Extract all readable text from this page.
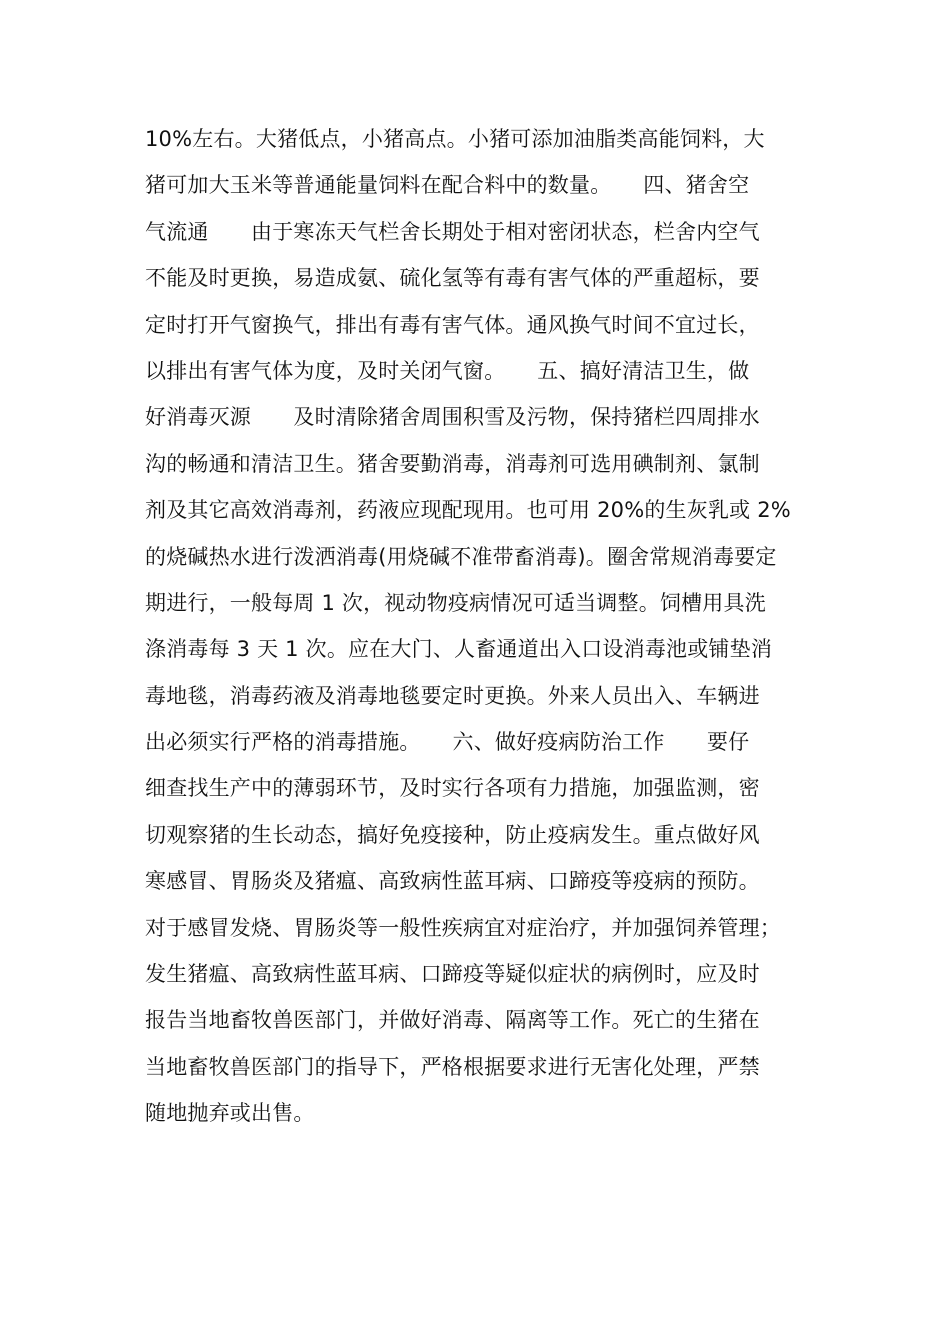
10%左右。大猪低点，小猪高点。小猪可添加油脂类高能饲料，大
猪可加大玉米等普通能量饲料在配合料中的数量。　　四、猪舍空
气流通　　由于寒冻天气栏舍长期处于相对密闭状态，栏舍内空气
不能及时更换，易造成氨、硫化氢等有毒有害气体的严重超标，要
定时打开气窗换气，排出有毒有害气体。通风换气时间不宜过长，
以排出有害气体为度，及时关闭气窗。　　五、搞好清洁卫生，做
好消毒灭源　　及时清除猪舍周围积雪及污物，保持猪栏四周排水
沟的畅通和清洁卫生。猪舍要勤消毒，消毒剂可选用碘制剂、氯制
剂及其它高效消毒剂，药液应现配现用。也可用 20%的生灰乳或 2%
的烧碱热水进行泼洒消毒(用烧碱不准带畜消毒)。圈舍常规消毒要定
期进行，一般每周 1 次，视动物疫病情况可适当调整。饲槽用具洗
涤消毒每 3 天 1 次。应在大门、人畜通道出入口设消毒池或铺垫消
毒地毯，消毒药液及消毒地毯要定时更换。外来人员出入、车辆进
出必须实行严格的消毒措施。　　六、做好疫病防治工作　　要仔
细查找生产中的薄弱环节，及时实行各项有力措施，加强监测，密
切观察猪的生长动态，搞好免疫接种，防止疫病发生。重点做好风
寒感冒、胃肠炎及猪瘟、高致病性蓝耳病、口蹄疫等疫病的预防。
对于感冒发烧、胃肠炎等一般性疾病宜对症治疗，并加强饲养管理；
发生猪瘟、高致病性蓝耳病、口蹄疫等疑似症状的病例时，应及时
报告当地畜牧兽医部门，并做好消毒、隔离等工作。死亡的生猪在
当地畜牧兽医部门的指导下，严格根据要求进行无害化处理，严禁
随地抛弃或出售。
